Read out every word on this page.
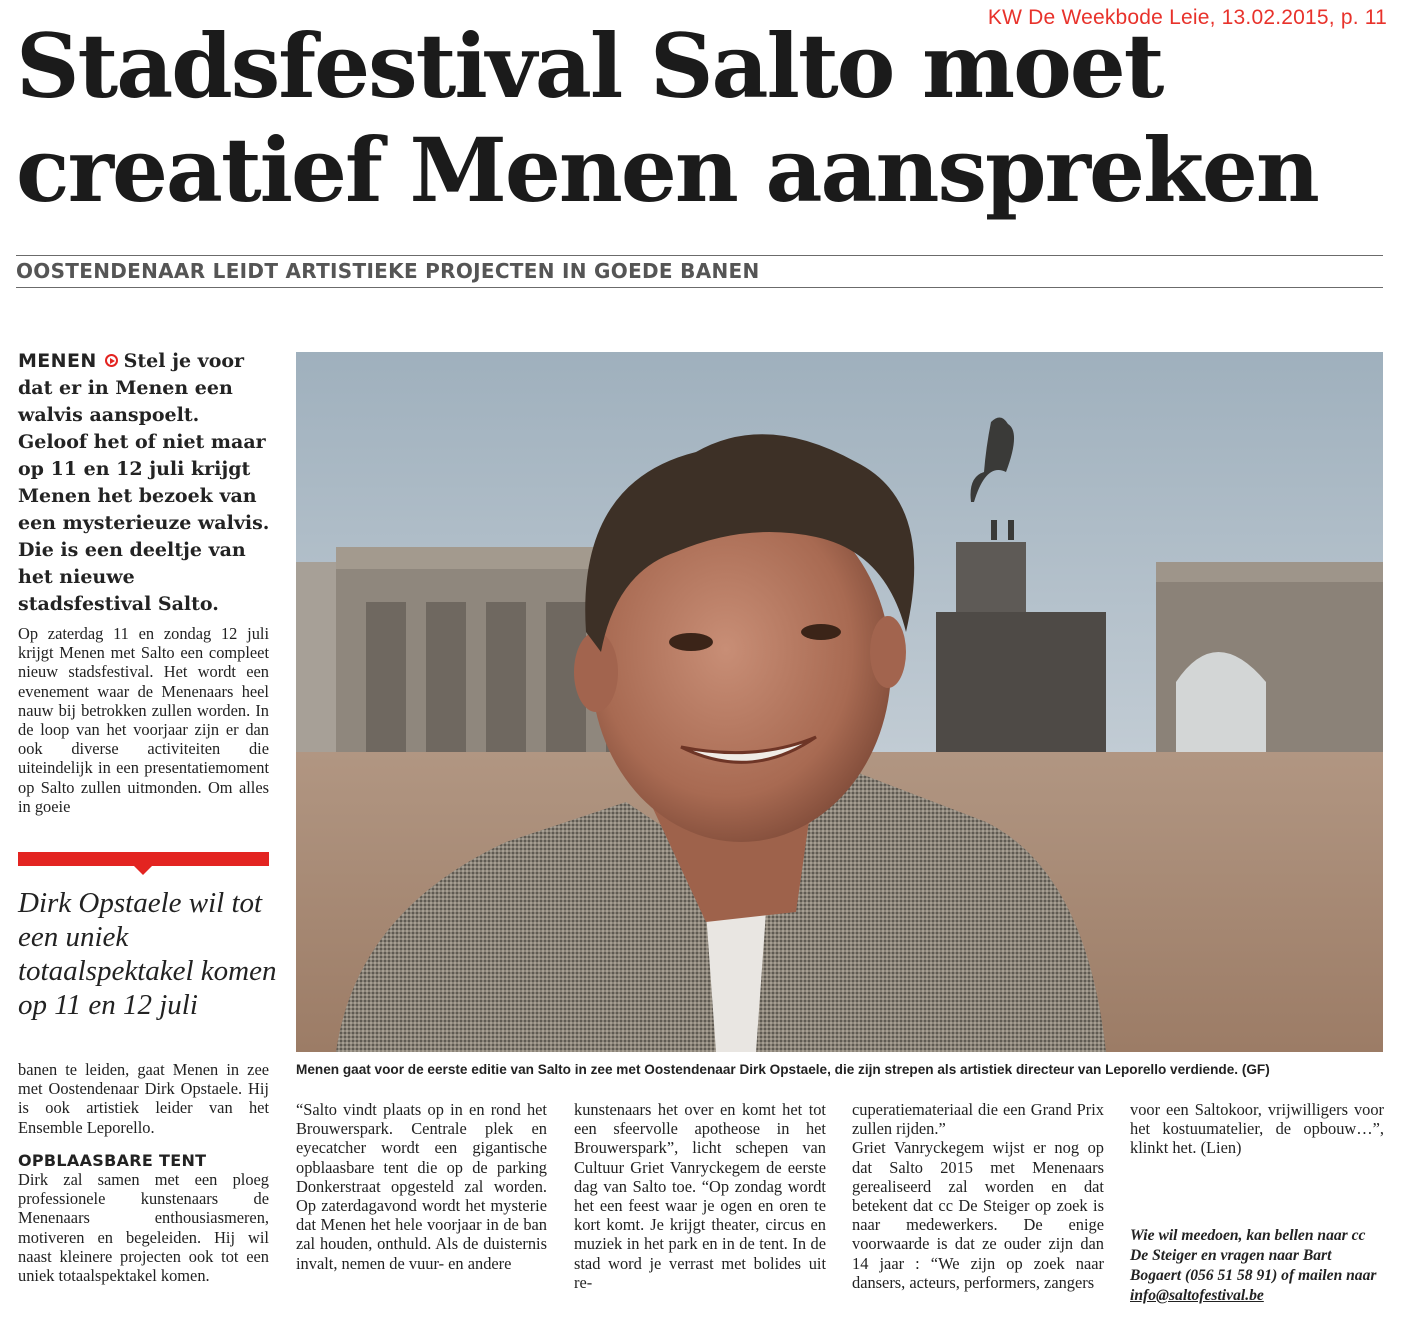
KW De Weekbode Leie, 13.02.2015, p. 11
Stadsfestival Salto moet
creatief Menen aanspreken
OOSTENDENAAR LEIDT ARTISTIEKE PROJECTEN IN GOEDE BANEN
MENEN Stel je voor dat er in Menen een walvis aanspoelt. Geloof het of niet maar op 11 en 12 juli krijgt Menen het bezoek van een mysterieuze walvis. Die is een deeltje van het nieuwe stadsfestival Salto.

Op zaterdag 11 en zondag 12 juli krijgt Menen met Salto een compleet nieuw stadsfestival. Het wordt een evenement waar de Menenaars heel nauw bij betrokken zullen worden. In de loop van het voorjaar zijn er dan ook diverse activiteiten die uiteindelijk in een presentatiemoment op Salto zullen uitmonden. Om alles in goeie

Dirk Opstaele wil tot een uniek totaalspektakel komen op 11 en 12 juli

banen te leiden, gaat Menen in zee met Oostendenaar Dirk Opstaele. Hij is ook artistiek leider van het Ensemble Leporello.

OPBLAASBARE TENT

Dirk zal samen met een ploeg professionele kunstenaars de Menenaars enthousiasmeren, motiveren en begeleiden. Hij wil naast kleinere projecten ook tot een uniek totaalspektakel komen.

Menen gaat voor de eerste editie van Salto in zee met Oostendenaar Dirk Opstaele, die zijn strepen als artistiek directeur van Leporello verdiende. (GF)

“Salto vindt plaats op in en rond het Brouwerspark. Centrale plek en eyecatcher wordt een gigantische opblaasbare tent die op de parking Donkerstraat opgesteld zal worden. Op zaterdagavond wordt het mysterie dat Menen het hele voorjaar in de ban zal houden, onthuld. Als de duisternis invalt, nemen de vuur- en andere

kunstenaars het over en komt het tot een sfeervolle apotheose in het Brouwerspark”, licht schepen van Cultuur Griet Vanryckegem de eerste dag van Salto toe. “Op zondag wordt het een feest waar je ogen en oren te kort komt. Je krijgt theater, circus en muziek in het park en in de tent. In de stad word je verrast met bolides uit re-

cuperatiemateriaal die een Grand Prix zullen rijden.”

Griet Vanryckegem wijst er nog op dat Salto 2015 met Menenaars gerealiseerd zal worden en dat betekent dat cc De Steiger op zoek is naar medewerkers. De enige voorwaarde is dat ze ouder zijn dan 14 jaar : “We zijn op zoek naar dansers, acteurs, performers, zangers

voor een Saltokoor, vrijwilligers voor het kostuumatelier, de opbouw…”, klinkt het. (Lien)

Wie wil meedoen, kan bellen naar cc De Steiger en vragen naar Bart Bogaert (056 51 58 91) of mailen naar info@saltofestival.be
